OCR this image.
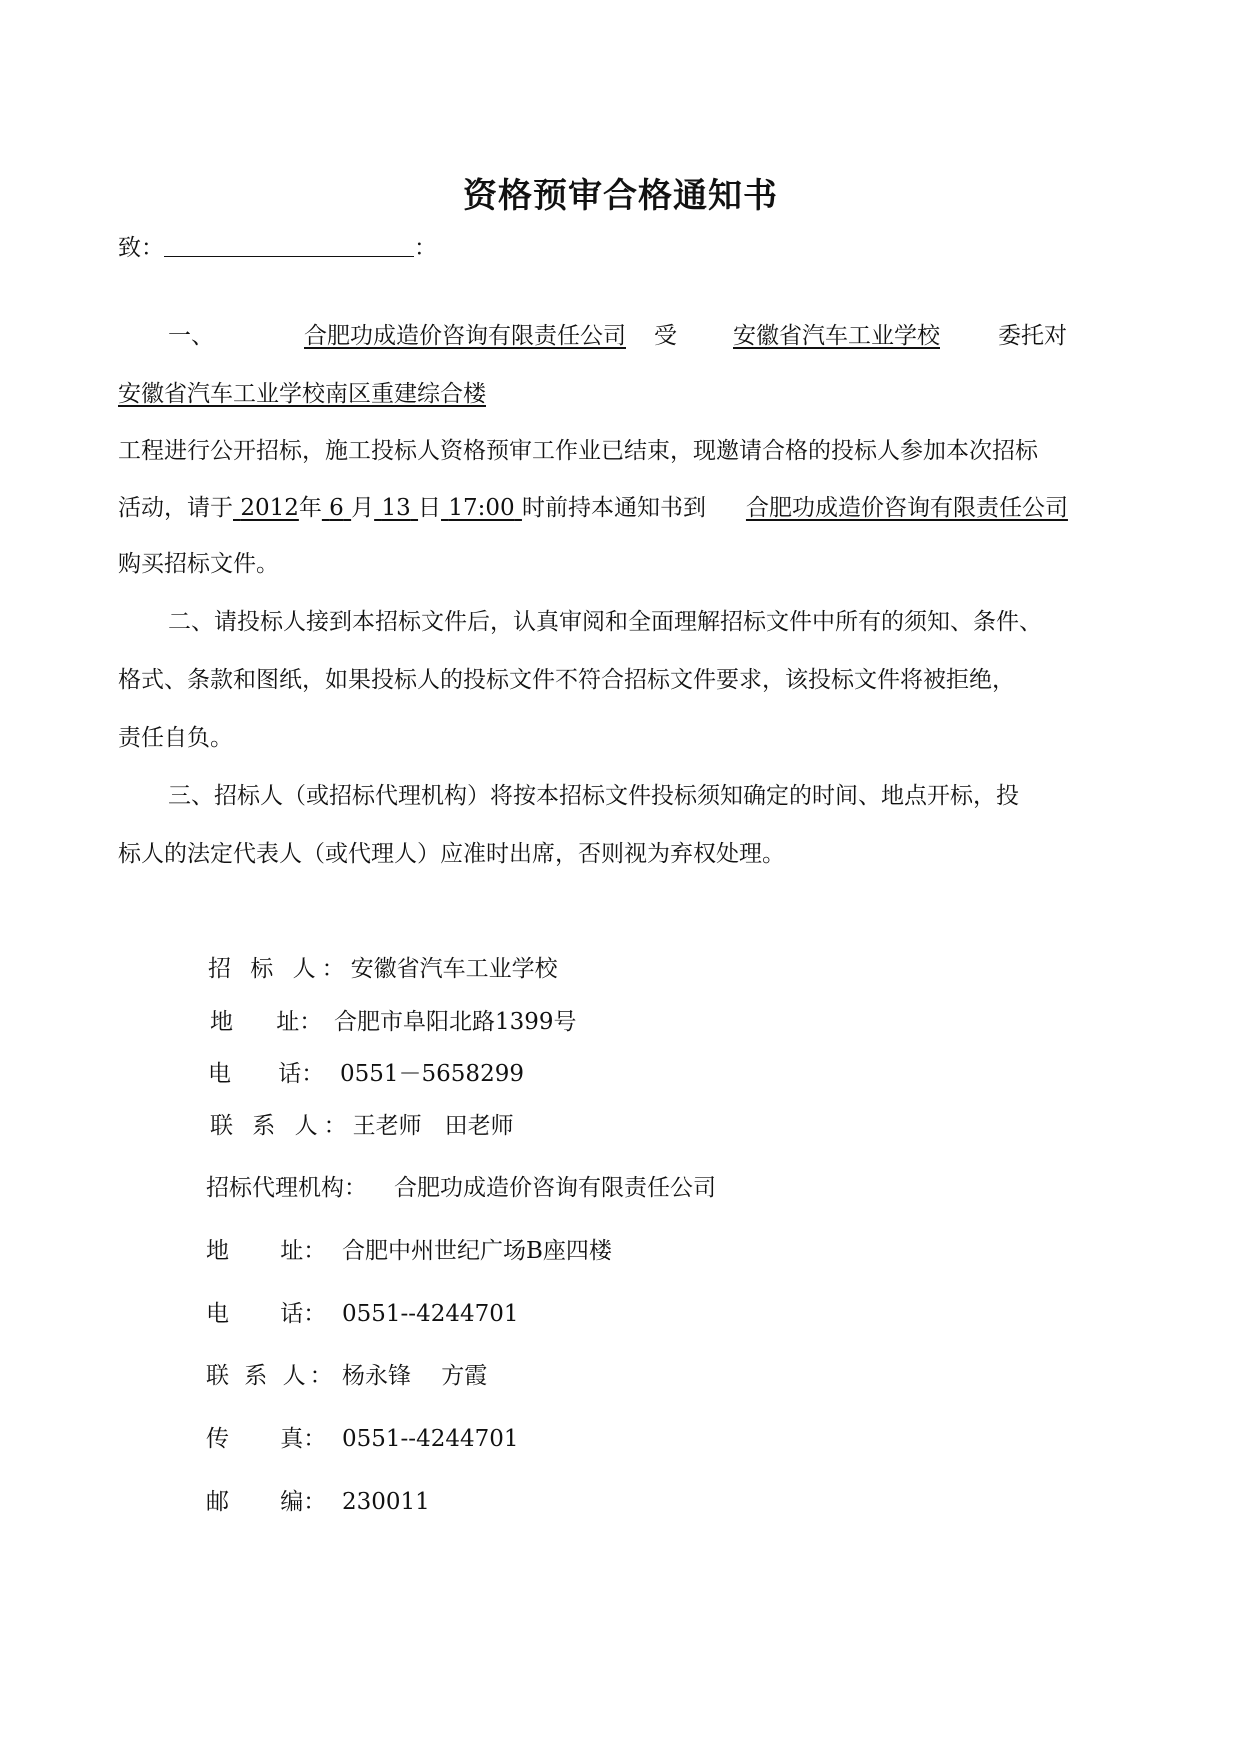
资格预审合格通知书
致：	：
一、	合肥功成造价咨询有限责任公司 受 安徽省汽车工业学校	委托对
安徽省汽车工业学校南区重建综合楼
工程进行公开招标，施工投标人资格预审工作业已结束，现邀请合格的投标人参加本次招标
活动，请于 2012年 6 月 13 日 17:00 时前持本通知书到 合肥功成造价咨询有限责任公司
购买招标文件。
二、请投标人接到本招标文件后，认真审阅和全面理解招标文件中所有的须知、条件、
格式、条款和图纸，如果投标人的投标文件不符合招标文件要求，该投标文件将被拒绝，
责任自负。
三、招标人（或招标代理机构）将按本招标文件投标须知确定的时间、地点开标，投
标人的法定代表人（或代理人）应准时出席，否则视为弃权处理。
招 标 人：安徽省汽车工业学校
地 址： 合肥市阜阳北路1399号
电 话： 0551－5658299
联 系 人：王老师　田老师
招标代理机构： 合肥功成造价咨询有限责任公司
地 址： 合肥中州世纪广场B座四楼
电 话： 0551--4244701
联 系 人： 杨永锋　 方霞
传 真： 0551--4244701
邮 编： 230011
